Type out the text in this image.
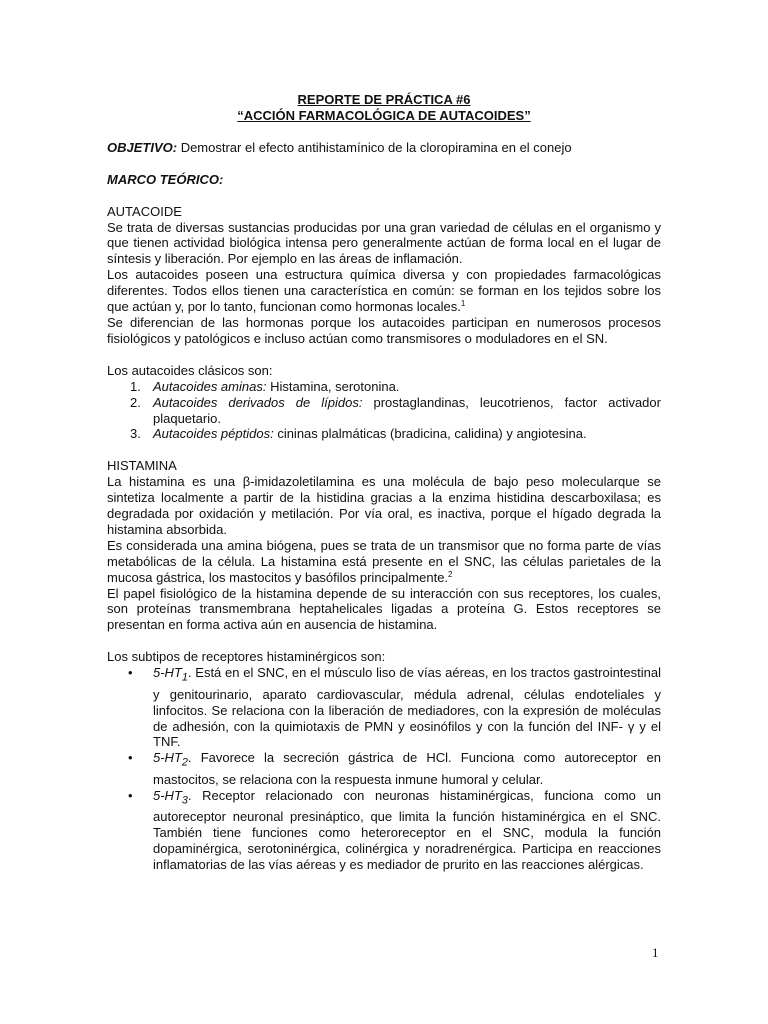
REPORTE DE PRÁCTICA #6
“ACCIÓN FARMACOLÓGICA DE AUTACOIDES”
OBJETIVO: Demostrar el efecto antihistamínico de la cloropiramina en el conejo
MARCO TEÓRICO:
AUTACOIDE
Se trata de diversas sustancias producidas por una gran variedad de células en el organismo y que tienen actividad biológica intensa pero generalmente actúan de forma local en el lugar de síntesis y liberación. Por ejemplo en las áreas de inflamación.
Los autacoides poseen una estructura química diversa y con propiedades farmacológicas diferentes. Todos ellos tienen una característica en común: se forman en los tejidos sobre los que actúan y, por lo tanto, funcionan como hormonas locales.$^1$
Se diferencian de las hormonas porque los autacoides participan en numerosos procesos fisiológicos y patológicos e incluso actúan como transmisores o moduladores en el SN.
Los autacoides clásicos son:
1. Autacoides aminas: Histamina, serotonina.
2. Autacoides derivados de lípidos: prostaglandinas, leucotrienos, factor activador plaquetario.
3. Autacoides péptidos: cininas plalmáticas (bradicina, calidina) y angiotesina.
HISTAMINA
La histamina es una β-imidazoletilamina es una molécula de bajo peso molecularque se sintetiza localmente a partir de la histidina gracias a la enzima histidina descarboxilasa; es degradada por oxidación y metilación. Por vía oral, es inactiva, porque el hígado degrada la histamina absorbida.
Es considerada una amina biógena, pues se trata de un transmisor que no forma parte de vías metabólicas de la célula. La histamina está presente en el SNC, las células parietales de la mucosa gástrica, los mastocitos y basófilos principalmente.$^2$
El papel fisiológico de la histamina depende de su interacción con sus receptores, los cuales, son proteínas transmembrana heptahelicales ligadas a proteína G. Estos receptores se presentan en forma activa aún en ausencia de histamina.
Los subtipos de receptores histaminérgicos son:
• $5-HT_1$. Está en el SNC, en el músculo liso de vías aéreas, en los tractos gastrointestinal y genitourinario, aparato cardiovascular, médula adrenal, células endoteliales y linfocitos. Se relaciona con la liberación de mediadores, con la expresión de moléculas de adhesión, con la quimiotaxis de PMN y eosinófilos y con la función del INF- γ y el TNF.
• $5-HT_2$. Favorece la secreción gástrica de HCl. Funciona como autoreceptor en mastocitos, se relaciona con la respuesta inmune humoral y celular.
• $5-HT_3$. Receptor relacionado con neuronas histaminérgicas, funciona como un autoreceptor neuronal presináptico, que limita la función histaminérgica en el SNC. También tiene funciones como heteroreceptor en el SNC, modula la función dopaminérgica, serotoninérgica, colinérgica y noradrenérgica. Participa en reacciones inflamatorias de las vías aéreas y es mediador de prurito en las reacciones alérgicas.
1
